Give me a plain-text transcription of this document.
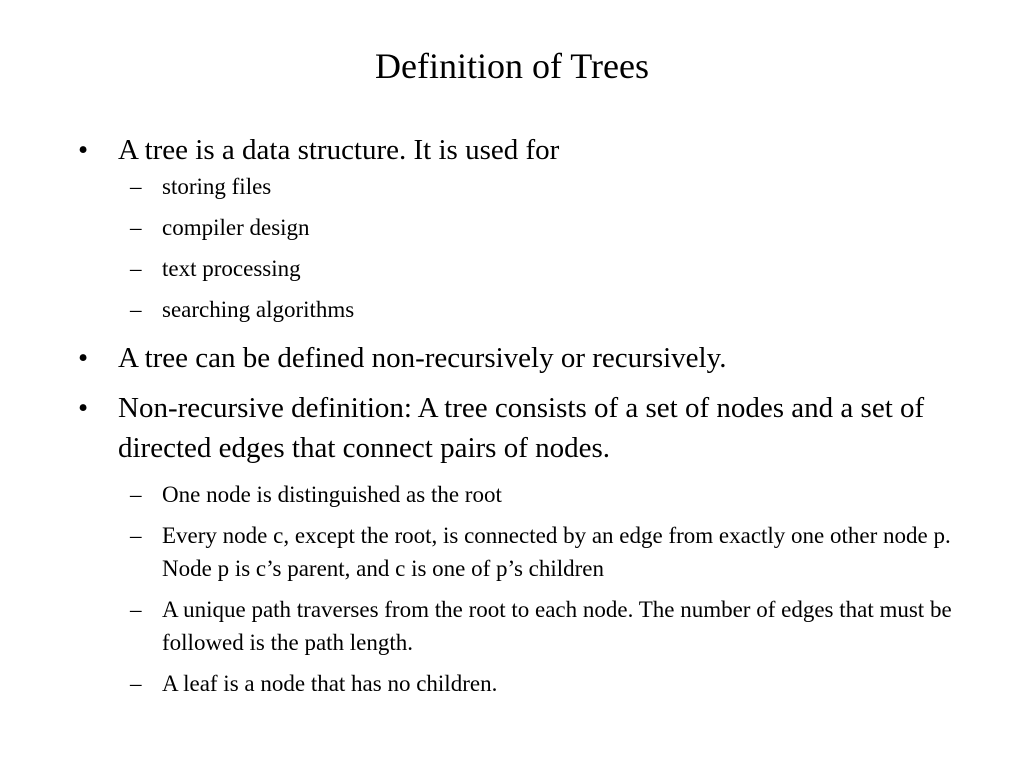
Definition of Trees
• A tree is a data structure. It is used for
– storing files
– compiler design
– text processing
– searching algorithms
• A tree can be defined non-recursively or recursively.
• Non-recursive definition: A tree consists of a set of nodes and a set of directed edges that connect pairs of nodes.
– One node is distinguished as the root
– Every node c, except the root, is connected by an edge from exactly one other node p. Node p is c’s parent, and c is one of p’s children
– A unique path traverses from the root to each node. The number of edges that must be followed is the path length.
– A leaf is a node that has no children.
